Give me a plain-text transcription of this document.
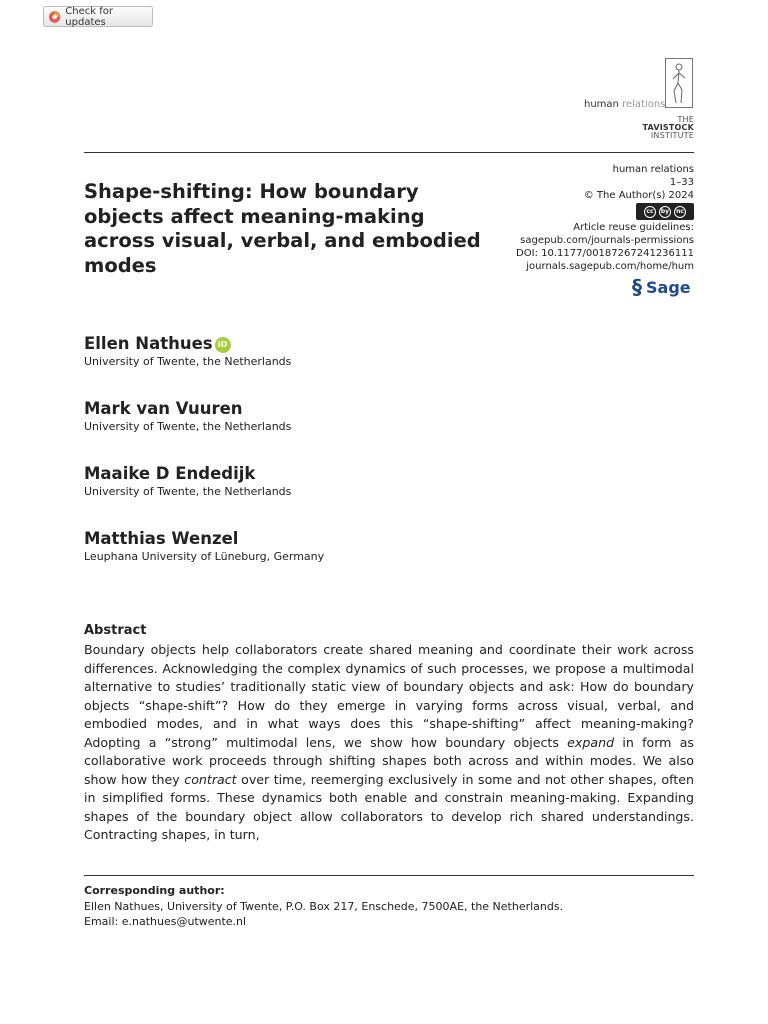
Check for updates
human relations
THE
TAVISTOCK
INSTITUTE
Shape-shifting: How boundary objects affect meaning-making across visual, verbal, and embodied modes
human relations
1–33
© The Author(s) 2024
cc	by	nc
Article reuse guidelines:
sagepub.com/journals-permissions
DOI: 10.1177/00187267241236111
journals.sagepub.com/home/hum
§ Sage
Ellen Nathues iD
University of Twente, the Netherlands
Mark van Vuuren
University of Twente, the Netherlands
Maaike D Endedijk
University of Twente, the Netherlands
Matthias Wenzel
Leuphana University of Lüneburg, Germany
Abstract

Boundary objects help collaborators create shared meaning and coordinate their work across differences. Acknowledging the complex dynamics of such processes, we propose a multimodal alternative to studies’ traditionally static view of boundary objects and ask: How do boundary objects “shape-shift”? How do they emerge in varying forms across visual, verbal, and embodied modes, and in what ways does this “shape-shifting” affect meaning-making? Adopting a “strong” multimodal lens, we show how boundary objects expand in form as collaborative work proceeds through shifting shapes both across and within modes. We also show how they contract over time, reemerging exclusively in some and not other shapes, often in simplified forms. These dynamics both enable and constrain meaning-making. Expanding shapes of the boundary object allow collaborators to develop rich shared understandings. Contracting shapes, in turn,

Corresponding author:
Ellen Nathues, University of Twente, P.O. Box 217, Enschede, 7500AE, the Netherlands.
Email: e.nathues@utwente.nl
